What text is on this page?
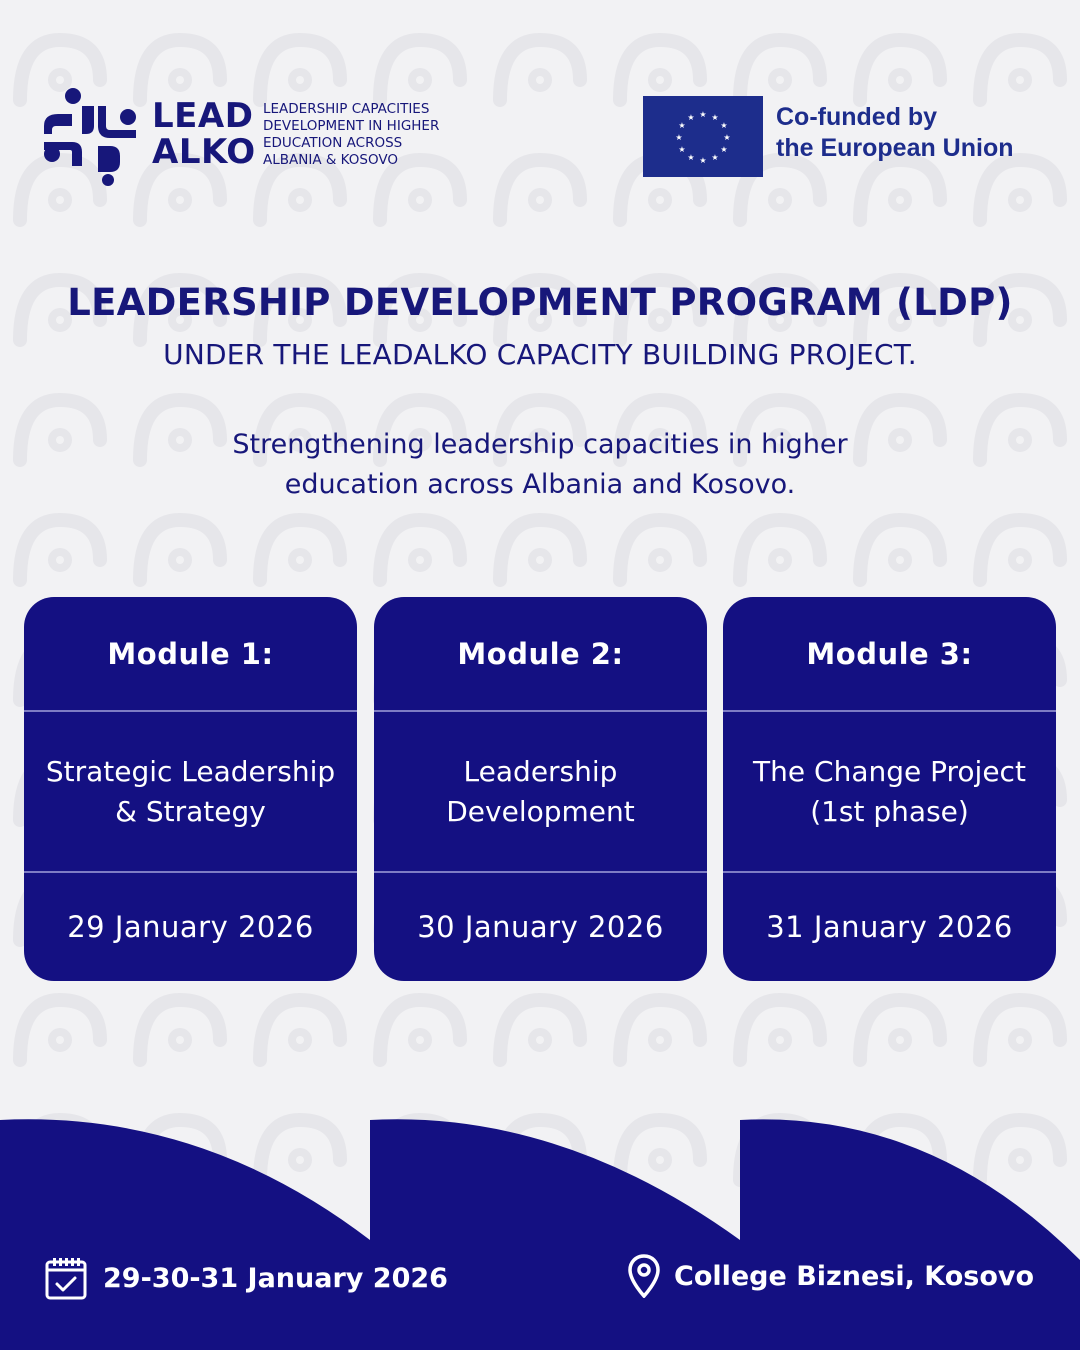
LEAD
ALKO
LEADERSHIP CAPACITIES
DEVELOPMENT IN HIGHER
EDUCATION ACROSS
ALBANIA & KOSOVO
★ ★
★
★
★
★
★
★
★
★
★
★	Co-funded by
the European Union
LEADERSHIP DEVELOPMENT PROGRAM (LDP)
UNDER THE LEADALKO CAPACITY BUILDING PROJECT.
Strengthening leadership capacities in higher
education across Albania and Kosovo.
Module 1:
Strategic Leadership
& Strategy
29 January 2026
Module 2:
Leadership
Development
30 January 2026
Module 3:
The Change Project
(1st phase)
31 January 2026
29-30-31 January 2026	College Biznesi, Kosovo
